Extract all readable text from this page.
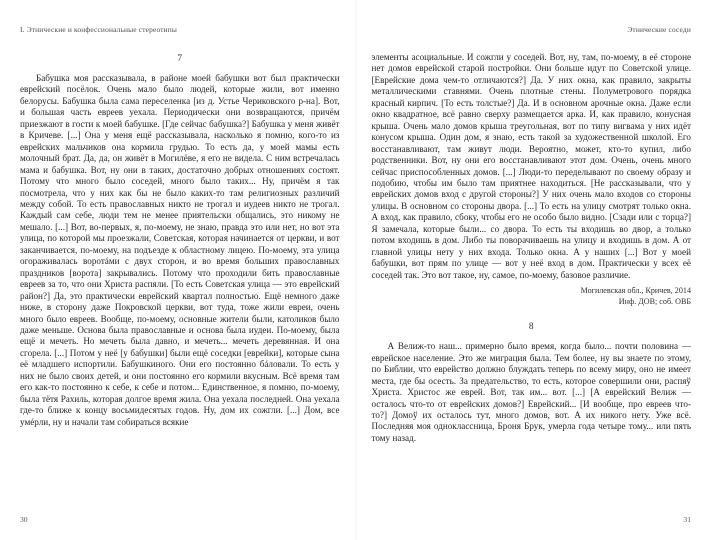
I. Этнические и конфессиональные стереотипы
7

Бабушка моя рассказывала, в районе моей бабушки вот был практически еврейский посёлок. Очень мало было людей, которые жили, вот именно белорусы. Бабушка была сама переселенка [из д. Устье Чериковского р-на]. Вот, и большая часть евреев уехала. Периодически они возвращаются, причём приезжают в гости к моей бабушке. [Где сейчас бабушка?] Бабушка у меня живёт в Кричеве. [...] Она у меня ещё рассказывала, насколько я помню, кого-то из еврейских мальчиков она кормила грудью. То есть да, у моей мамы есть молочный брат. Да, да, он живёт в Могилёве, я его не видела. С ним встречалась мама и бабушка. Вот, ну они в таких, достаточно добрых отношениях состоят. Потому что много было соседей, много было таких... Ну, причём я так посмотрела, что у них как бы не было каких-то там религиозных различий между собой. То есть православных никто не трогал и иудеев никто не трогал. Каждый сам себе, люди тем не менее приятельски общались, это никому не мешало. [...] Вот, во-первых, я, по-моему, не знаю, правда это или нет, но вот эта улица, по которой мы проезжали, Советская, которая начинается от церкви, и вот заканчивается, по-моему, на подъезде к областному лицею. По-моему, эта улица огораживалась воротáми с двух сторон, и во время больших православных праздников [ворота] закрывались. Потому что проходили бить православные евреев за то, что они Христа распяли. [То есть Советская улица — это еврейский район?] Да, это практически еврейский квартал полностью. Ещё немного даже ниже, в сторону даже Покровской церкви, вот туда, тоже жили евреи, очень много было евреев. Вообще, по-моему, основные жители были, католиков было даже меньше. Основа была православные и основа была иудеи. По-моему, была ещё и мечеть. Но мечеть была давно, и мечеть... мечеть деревянная. И она сгорела. [...] Потом у неё [у бабушки] были ещё соседки [еврейки], которые сына её младшего испортили. Бабушкиного. Они его постоянно бáловали. То есть у них не было своих детей, и они постоянно его кормили вкусным. Всё время там его как-то постоянно к себе, к себе и потом... Единственное, я помню, по-моему, была тётя Рахиль, которая долгое время жила. Она уехала последней. Она уехала где-то ближе к концу восьмидесятых годов. Ну, дом их сожгли. [...] Дом, все умéрли, ну и начали там собираться всякие

30
Этнические соседи

элементы асоциальные. И сожгли у соседей. Вот, ну, там, по-моему, в её стороне нет домов еврейской старой постройки. Они больше идут по Советской улице. [Еврейские дома чем-то отличаются?] Да. У них окна, как правило, закрыты металлическими ставнями. Очень плотные стены. Полуметрового порядка красный кирпич. [То есть толстые?] Да. И в основном арочные окна. Даже если окно квадратное, всё равно сверху размещается арка. И, как правило, конусная крыша. Очень мало домов крыша треугольная, вот по типу вигвама у них идёт конусом крыша. Один дом, я знаю, есть такой за художественной школой. Его восстанавливают, там живут люди. Вероятно, может, кто-то купил, либо родственники. Вот, ну они его восстанавливают этот дом. Очень, очень много сейчас приспособленных домов. [...] Люди-то переделывают по своему образу и подобию, чтобы им было там приятнее находиться. [Не рассказывали, что у еврейских домов вход с другой стороны?] У них очень мало входов со стороны улицы. В основном со стороны двора. [...] То есть на улицу смотрят только окна. А вход, как правило, сбоку, чтобы его не особо было видно. [Сзади или с торца?] Я замечала, которые были... со двора. То есть ты входишь во двор, а только потом входишь в дом. Либо ты поворачиваешь на улицу и входишь в дом. А от главной улицы нету у них входа. Только окна. А у наших [...] Вот у моей бабушки, вот прям по улице — вот у неё вход в дом. Практически у всех её соседей так. Это вот такое, ну, самое, по-моему, базовое различие.

Могилевская обл., Кричев, 2014
Инф. ДОВ; соб. ОВБ
8

А Велиж-то наш... примерно было время, когда было... почти половина — еврейское население. Это же миграция была. Тем более, ну вы знаете по этому, по Библии, что еврейство должно блуждать теперь по всему миру, оно не имеет места, где бы осесть. За предательство, то есть, которое совершили они, распяў Христа. Христос же еврей. Вот, так им... вот. [...] [А еврейский Велиж — осталось что-то от еврейских домов?] Еврейский... [И вообще, про евреев что-то?] Домоў их осталось тут, много домов, вот. А их никого нету. Уже всё. Последняя моя одноклассница, Броня Брук, умерла года четыре тому... или пять тому назад.

31
